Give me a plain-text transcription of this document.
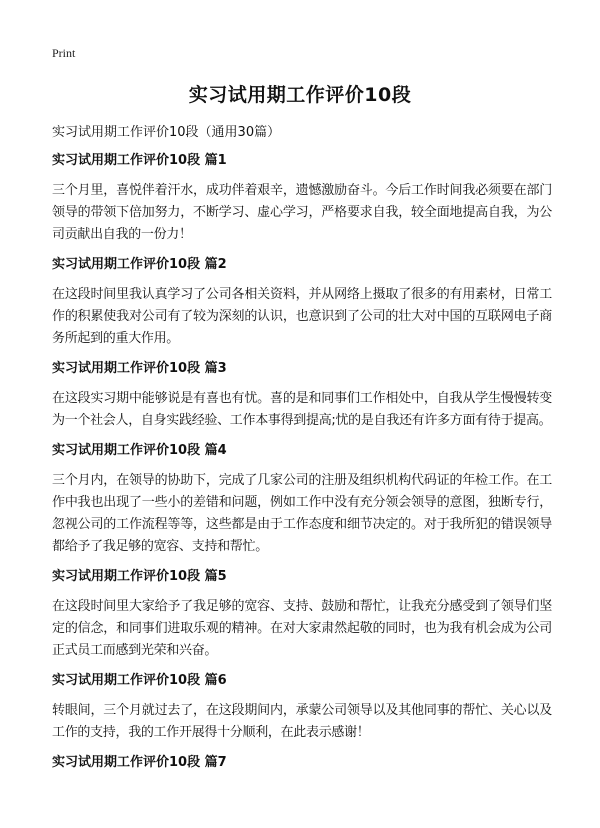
Print
实习试用期工作评价10段
实习试用期工作评价10段（通用30篇）
实习试用期工作评价10段 篇1

三个月里，喜悦伴着汗水，成功伴着艰辛，遗憾激励奋斗。今后工作时间我必须要在部门领导的带领下倍加努力，不断学习、虚心学习，严格要求自我，较全面地提高自我，为公司贡献出自我的一份力！

实习试用期工作评价10段 篇2

在这段时间里我认真学习了公司各相关资料，并从网络上摄取了很多的有用素材，日常工作的积累使我对公司有了较为深刻的认识，也意识到了公司的壮大对中国的互联网电子商务所起到的重大作用。

实习试用期工作评价10段 篇3

在这段实习期中能够说是有喜也有忧。喜的是和同事们工作相处中，自我从学生慢慢转变为一个社会人，自身实践经验、工作本事得到提高;忧的是自我还有许多方面有待于提高。

实习试用期工作评价10段 篇4

三个月内，在领导的协助下，完成了几家公司的注册及组织机构代码证的年检工作。在工作中我也出现了一些小的差错和问题，例如工作中没有充分领会领导的意图，独断专行，忽视公司的工作流程等等，这些都是由于工作态度和细节决定的。对于我所犯的错误领导都给予了我足够的宽容、支持和帮忙。

实习试用期工作评价10段 篇5

在这段时间里大家给予了我足够的宽容、支持、鼓励和帮忙，让我充分感受到了领导们坚定的信念，和同事们进取乐观的精神。在对大家肃然起敬的同时，也为我有机会成为公司正式员工而感到光荣和兴奋。

实习试用期工作评价10段 篇6

转眼间，三个月就过去了，在这段期间内，承蒙公司领导以及其他同事的帮忙、关心以及工作的支持，我的工作开展得十分顺利，在此表示感谢！

实习试用期工作评价10段 篇7
